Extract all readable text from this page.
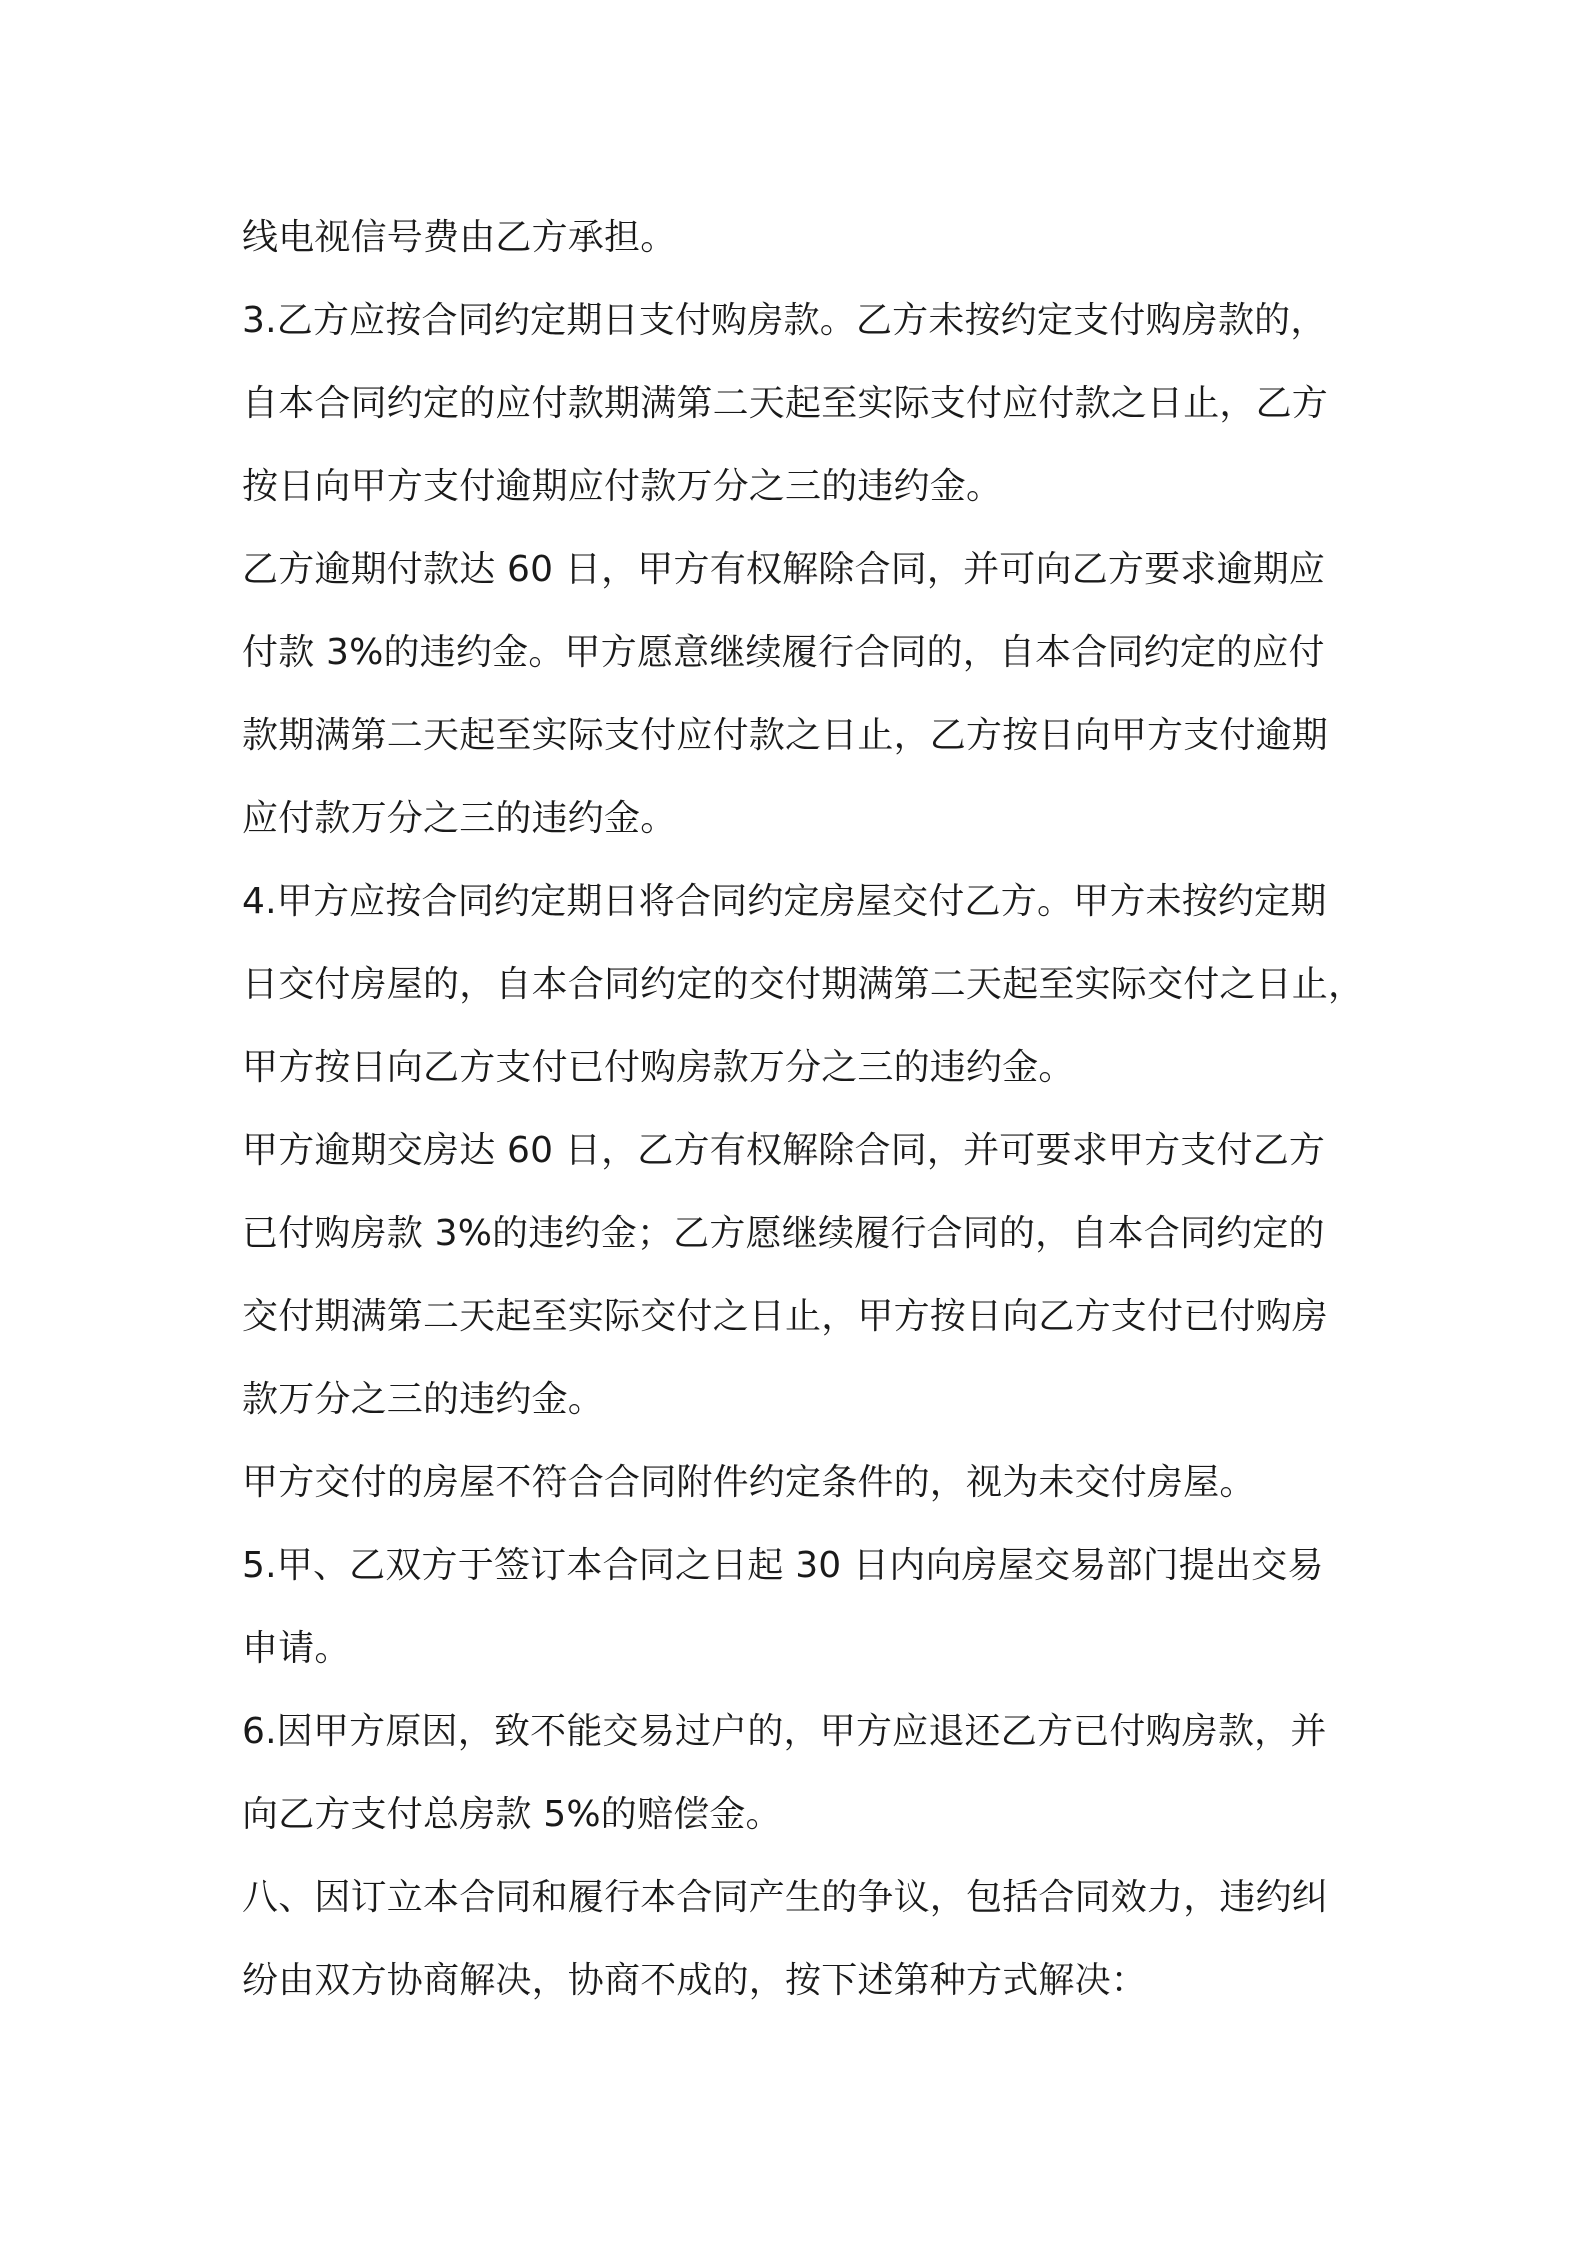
线电视信号费由乙方承担。
3.乙方应按合同约定期日支付购房款。乙方未按约定支付购房款的，
自本合同约定的应付款期满第二天起至实际支付应付款之日止，乙方
按日向甲方支付逾期应付款万分之三的违约金。
乙方逾期付款达 60 日，甲方有权解除合同，并可向乙方要求逾期应
付款 3%的违约金。甲方愿意继续履行合同的，自本合同约定的应付
款期满第二天起至实际支付应付款之日止，乙方按日向甲方支付逾期
应付款万分之三的违约金。
4.甲方应按合同约定期日将合同约定房屋交付乙方。甲方未按约定期
日交付房屋的，自本合同约定的交付期满第二天起至实际交付之日止，
甲方按日向乙方支付已付购房款万分之三的违约金。
甲方逾期交房达 60 日，乙方有权解除合同，并可要求甲方支付乙方
已付购房款 3%的违约金；乙方愿继续履行合同的，自本合同约定的
交付期满第二天起至实际交付之日止，甲方按日向乙方支付已付购房
款万分之三的违约金。
甲方交付的房屋不符合合同附件约定条件的，视为未交付房屋。
5.甲、乙双方于签订本合同之日起 30 日内向房屋交易部门提出交易
申请。
6.因甲方原因，致不能交易过户的，甲方应退还乙方已付购房款，并
向乙方支付总房款 5%的赔偿金。
八、因订立本合同和履行本合同产生的争议，包括合同效力，违约纠
纷由双方协商解决，协商不成的，按下述第种方式解决：
